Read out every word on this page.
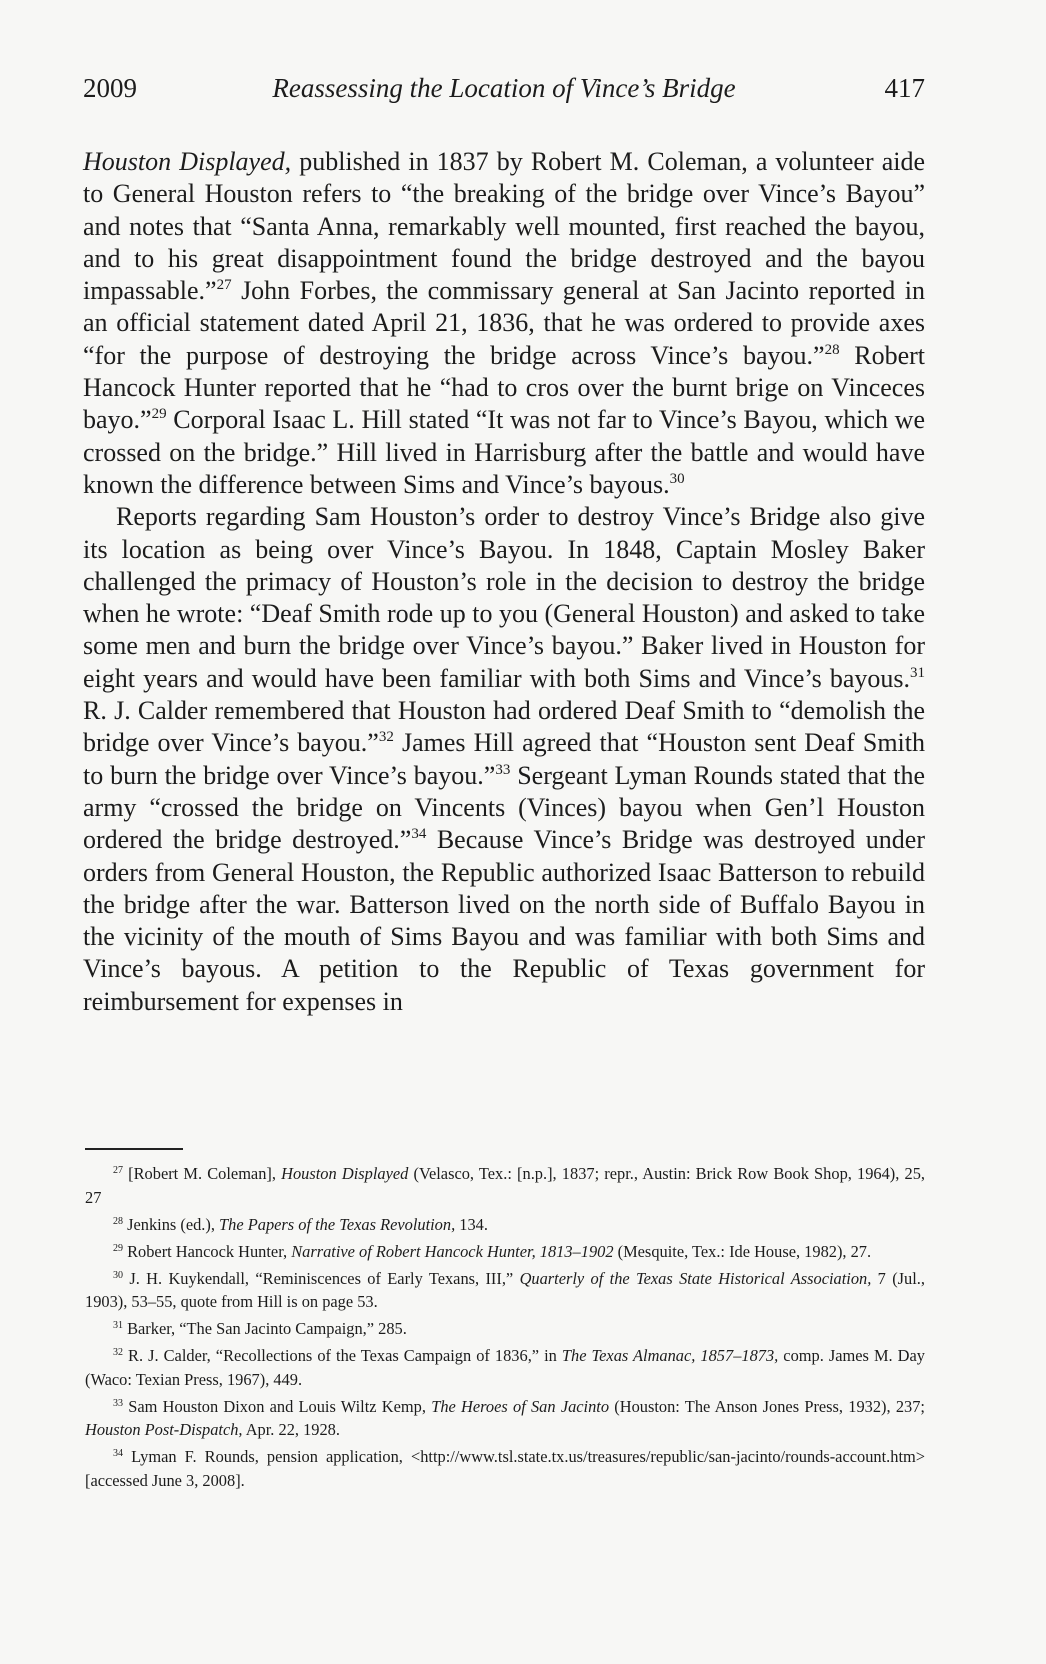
2009	Reassessing the Location of Vince’s Bridge	417

Houston Displayed, published in 1837 by Robert M. Coleman, a volunteer aide to General Houston refers to “the breaking of the bridge over Vince’s Bayou” and notes that “Santa Anna, remarkably well mounted, first reached the bayou, and to his great disappointment found the bridge destroyed and the bayou impassable.”$^{27}$ John Forbes, the commissary general at San Jacinto reported in an official statement dated April 21, 1836, that he was ordered to provide axes “for the purpose of destroying the bridge across Vince’s bayou.”$^{28}$ Robert Hancock Hunter reported that he “had to cros over the burnt brige on Vinceces bayo.”$^{29}$ Corporal Isaac L. Hill stated “It was not far to Vince’s Bayou, which we crossed on the bridge.” Hill lived in Harrisburg after the battle and would have known the difference between Sims and Vince’s bayous.$^{30}$

Reports regarding Sam Houston’s order to destroy Vince’s Bridge also give its location as being over Vince’s Bayou. In 1848, Captain Mosley Baker challenged the primacy of Houston’s role in the decision to destroy the bridge when he wrote: “Deaf Smith rode up to you (General Houston) and asked to take some men and burn the bridge over Vince’s bayou.” Baker lived in Houston for eight years and would have been familiar with both Sims and Vince’s bayous.$^{31}$ R. J. Calder remembered that Houston had ordered Deaf Smith to “demolish the bridge over Vince’s bayou.”$^{32}$ James Hill agreed that “Houston sent Deaf Smith to burn the bridge over Vince’s bayou.”$^{33}$ Sergeant Lyman Rounds stated that the army “crossed the bridge on Vincents (Vinces) bayou when Gen’l Houston ordered the bridge destroyed.”$^{34}$ Because Vince’s Bridge was destroyed under orders from General Houston, the Republic authorized Isaac Batterson to rebuild the bridge after the war. Batterson lived on the north side of Buffalo Bayou in the vicinity of the mouth of Sims Bayou and was familiar with both Sims and Vince’s bayous. A petition to the Republic of Texas government for reimbursement for expenses in

$^{27}$ [Robert M. Coleman], Houston Displayed (Velasco, Tex.: [n.p.], 1837; repr., Austin: Brick Row Book Shop, 1964), 25, 27

$^{28}$ Jenkins (ed.), The Papers of the Texas Revolution, 134.

$^{29}$ Robert Hancock Hunter, Narrative of Robert Hancock Hunter, 1813–1902 (Mesquite, Tex.: Ide House, 1982), 27.

$^{30}$ J. H. Kuykendall, “Reminiscences of Early Texans, III,” Quarterly of the Texas State Historical Association, 7 (Jul., 1903), 53–55, quote from Hill is on page 53.

$^{31}$ Barker, “The San Jacinto Campaign,” 285.

$^{32}$ R. J. Calder, “Recollections of the Texas Campaign of 1836,” in The Texas Almanac, 1857–1873, comp. James M. Day (Waco: Texian Press, 1967), 449.

$^{33}$ Sam Houston Dixon and Louis Wiltz Kemp, The Heroes of San Jacinto (Houston: The Anson Jones Press, 1932), 237; Houston Post-Dispatch, Apr. 22, 1928.

$^{34}$ Lyman F. Rounds, pension application, <http://www.tsl.state.tx.us/treasures/republic/san-jacinto/rounds-account.htm> [accessed June 3, 2008].
